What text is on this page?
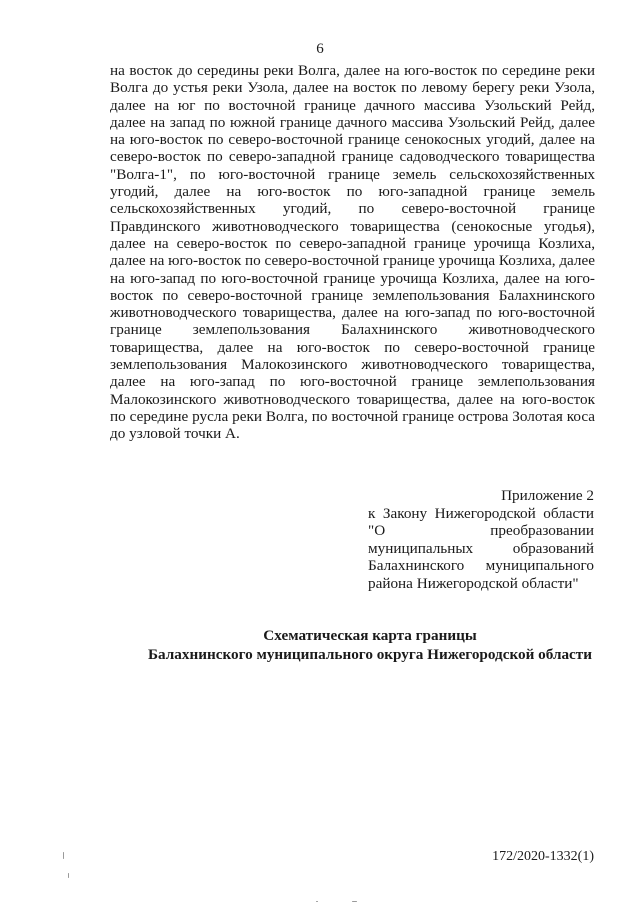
6
на восток до середины реки Волга, далее на юго-восток по середине реки
Волга до устья реки Узола, далее на восток по левому берегу реки Узола,
далее на юг по восточной границе дачного массива Узольский Рейд,
далее на запад по южной границе дачного массива Узольский Рейд, далее
на юго-восток по северо-восточной границе сенокосных угодий, далее на
северо-восток по северо-западной границе садоводческого товарищества
"Волга-1", по юго-восточной границе земель сельскохозяйственных
угодий, далее на юго-восток по юго-западной границе земель
сельскохозяйственных угодий, по северо-восточной границе
Правдинского животноводческого товарищества (сенокосные угодья),
далее на северо-восток по северо-западной границе урочища Козлиха,
далее на юго-восток по северо-восточной границе урочища Козлиха, далее
на юго-запад по юго-восточной границе урочища Козлиха, далее на юго-
восток по северо-восточной границе землепользования Балахнинского
животноводческого товарищества, далее на юго-запад по юго-восточной
границе землепользования Балахнинского животноводческого
товарищества, далее на юго-восток по северо-восточной границе
землепользования Малокозинского животноводческого товарищества,
далее на юго-запад по юго-восточной границе землепользования
Малокозинского животноводческого товарищества, далее на юго-восток
по середине русла реки Волга, по восточной границе острова Золотая коса
до узловой точки А.
Приложение 2
к Закону Нижегородской области
"О преобразовании
муниципальных образований
Балахнинского муниципального
района Нижегородской области"
Схематическая карта границы
Балахнинского муниципального округа Нижегородской области
172/2020-1332(1)
